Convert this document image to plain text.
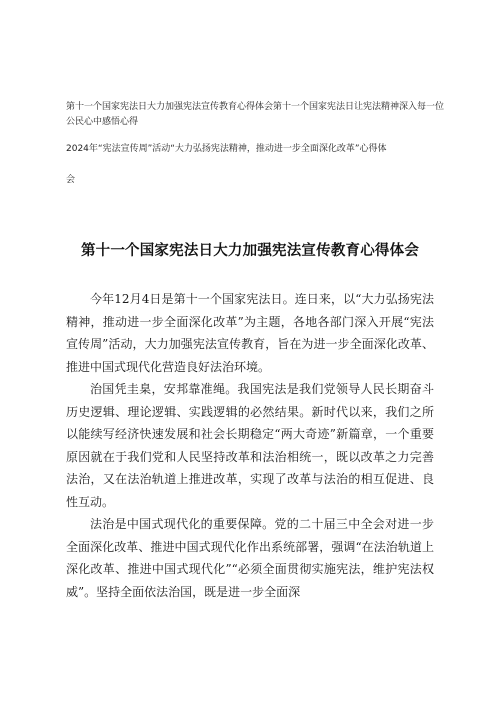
第十一个国家宪法日大力加强宪法宣传教育心得体会第十一个国家宪法日让宪法精神深入每一位公民心中感悟心得

2024年“宪法宣传周”活动“大力弘扬宪法精神，推动进一步全面深化改革”心得体

会

第十一个国家宪法日大力加强宪法宣传教育心得体会

今年12月4日是第十一个国家宪法日。连日来，以“大力弘扬宪法精神，推动进一步全面深化改革”为主题，各地各部门深入开展“宪法宣传周”活动，大力加强宪法宣传教育，旨在为进一步全面深化改革、推进中国式现代化营造良好法治环境。

治国凭圭臬，安邦靠准绳。我国宪法是我们党领导人民长期奋斗历史逻辑、理论逻辑、实践逻辑的必然结果。新时代以来，我们之所以能续写经济快速发展和社会长期稳定“两大奇迹”新篇章，一个重要原因就在于我们党和人民坚持改革和法治相统一，既以改革之力完善法治，又在法治轨道上推进改革，实现了改革与法治的相互促进、良性互动。

法治是中国式现代化的重要保障。党的二十届三中全会对进一步全面深化改革、推进中国式现代化作出系统部署，强调“在法治轨道上深化改革、推进中国式现代化”“必须全面贯彻实施宪法，维护宪法权威”。坚持全面依法治国，既是进一步全面深
